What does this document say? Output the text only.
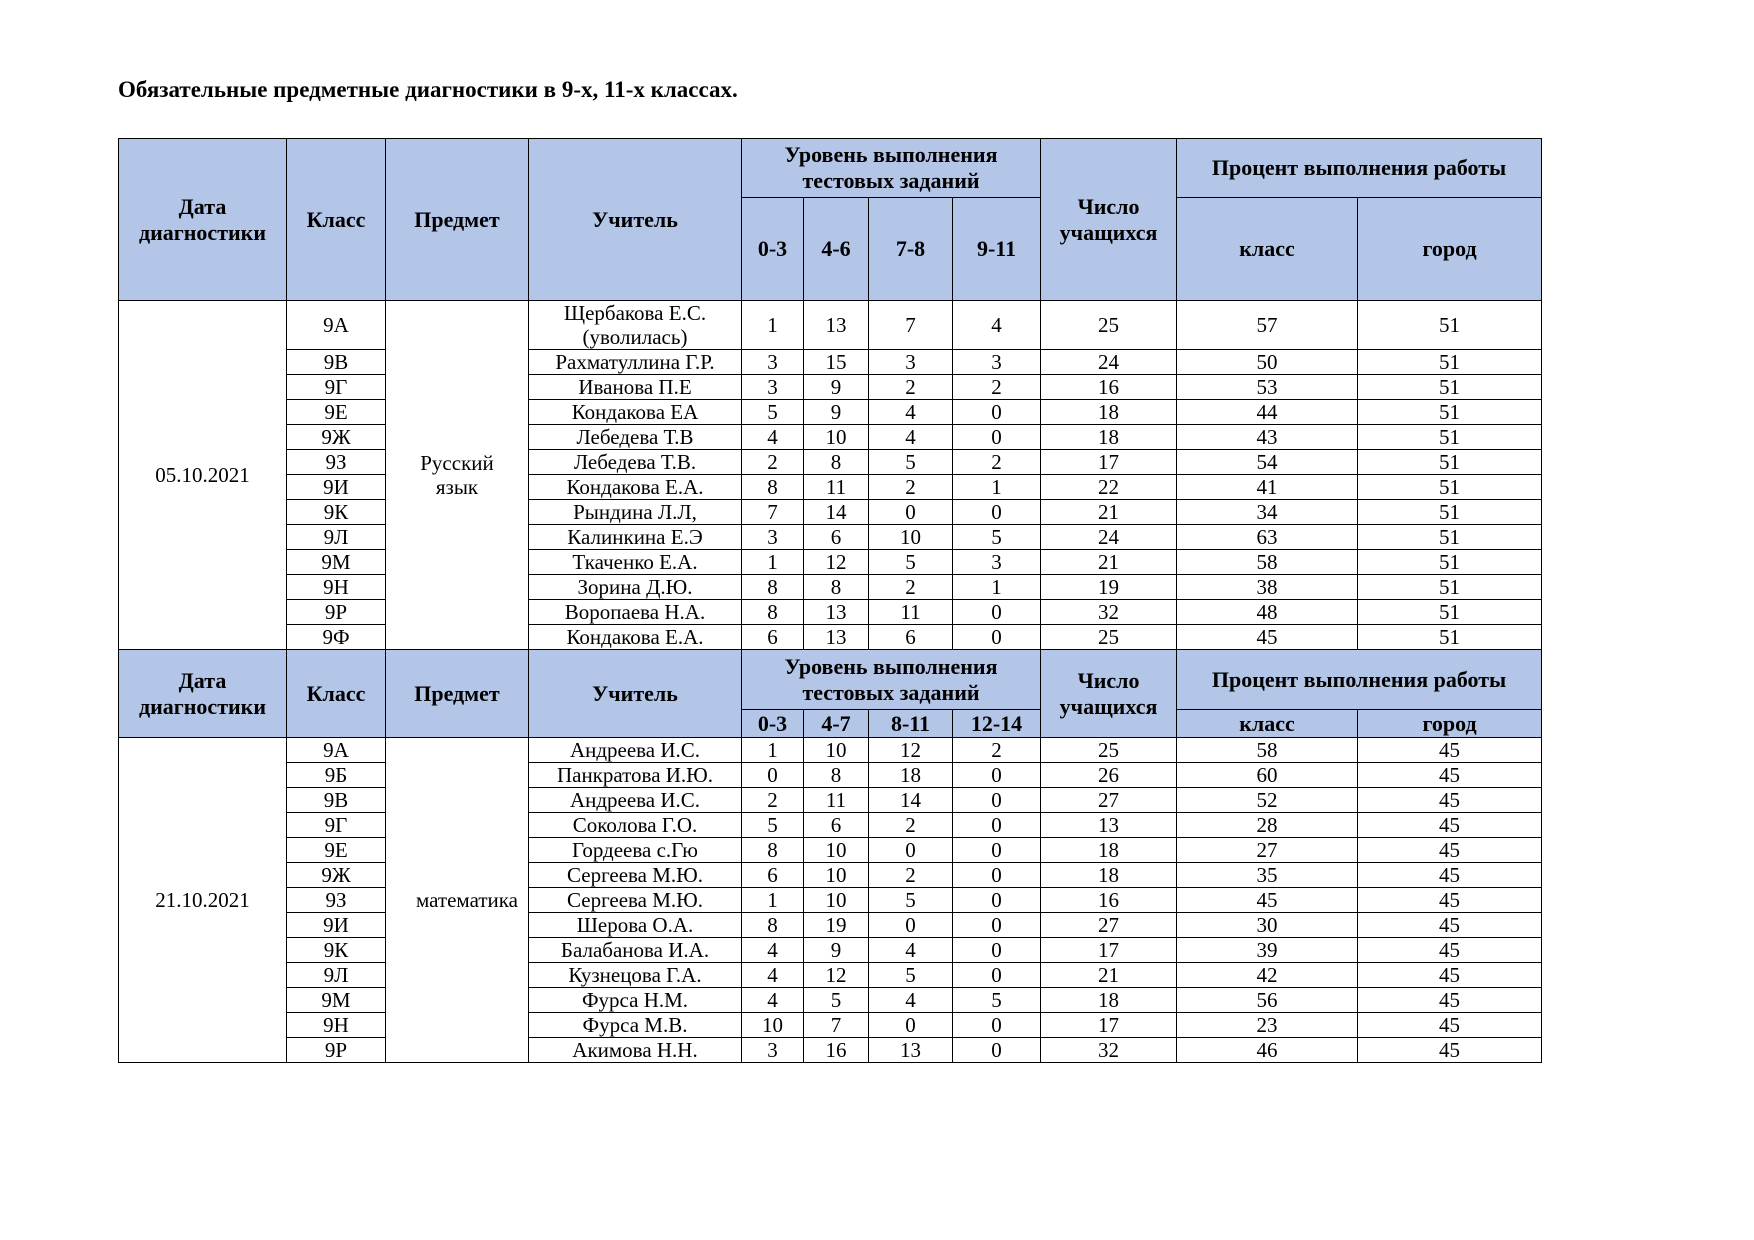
Обязательные предметные диагностики в 9-х, 11-х классах.
Дата диагностики	Класс	Предмет	Учитель	Уровень выполнения тестовых заданий				Число учащихся	Процент выполнения работы	
				0-3	4-6	7-8	9-11		класс	город
05.10.2021	9А	Русский язык	Щербакова Е.С. (уволилась)	1	13	7	4	25	57	51
	9В		Рахматуллина Г.Р.	3	15	3	3	24	50	51
	9Г		Иванова П.Е	3	9	2	2	16	53	51
	9Е		Кондакова ЕА	5	9	4	0	18	44	51
	9Ж		Лебедева Т.В	4	10	4	0	18	43	51
	9З		Лебедева Т.В.	2	8	5	2	17	54	51
	9И		Кондакова Е.А.	8	11	2	1	22	41	51
	9К		Рындина Л.Л,	7	14	0	0	21	34	51
	9Л		Калинкина Е.Э	3	6	10	5	24	63	51
	9М		Ткаченко Е.А.	1	12	5	3	21	58	51
	9Н		Зорина Д.Ю.	8	8	2	1	19	38	51
	9Р		Воропаева Н.А.	8	13	11	0	32	48	51
	9Ф		Кондакова Е.А.	6	13	6	0	25	45	51
Дата диагностики	Класс	Предмет	Учитель	Уровень выполнения тестовых заданий				Число учащихся	Процент выполнения работы	
				0-3	4-7	8-11	12-14		класс	город
21.10.2021	9А	математика	Андреева И.С.	1	10	12	2	25	58	45
	9Б		Панкратова И.Ю.	0	8	18	0	26	60	45
	9В		Андреева И.С.	2	11	14	0	27	52	45
	9Г		Соколова Г.О.	5	6	2	0	13	28	45
	9Е		Гордеева с.Гю	8	10	0	0	18	27	45
	9Ж		Сергеева М.Ю.	6	10	2	0	18	35	45
	9З		Сергеева М.Ю.	1	10	5	0	16	45	45
	9И		Шерова О.А.	8	19	0	0	27	30	45
	9К		Балабанова И.А.	4	9	4	0	17	39	45
	9Л		Кузнецова Г.А.	4	12	5	0	21	42	45
	9М		Фурса Н.М.	4	5	4	5	18	56	45
	9Н		Фурса М.В.	10	7	0	0	17	23	45
	9Р		Акимова Н.Н.	3	16	13	0	32	46	45
